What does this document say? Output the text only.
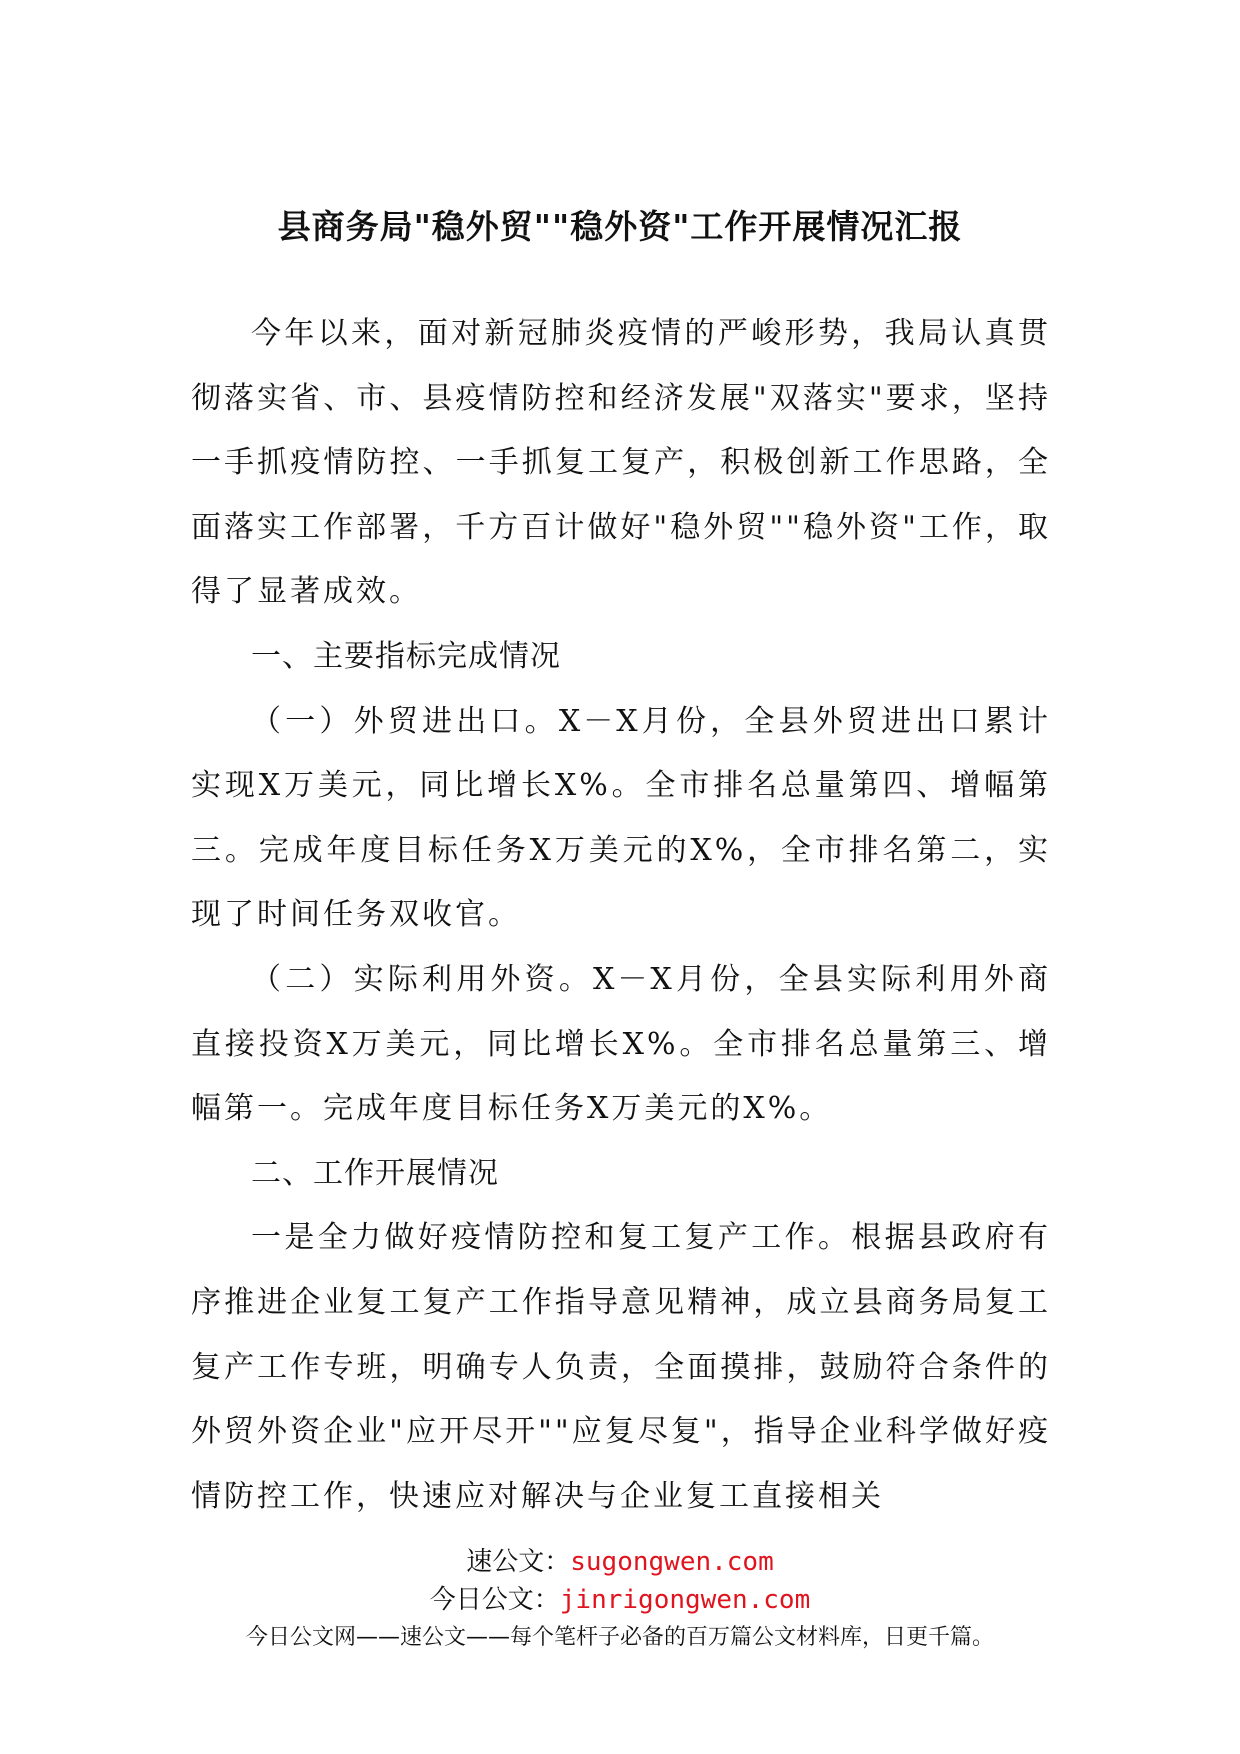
县商务局"稳外贸""稳外资"工作开展情况汇报

今年以来，面对新冠肺炎疫情的严峻形势，我局认真贯彻落实省、市、县疫情防控和经济发展"双落实"要求，坚持一手抓疫情防控、一手抓复工复产，积极创新工作思路，全面落实工作部署，千方百计做好"稳外贸""稳外资"工作，取得了显著成效。

一、主要指标完成情况

（一）外贸进出口。X－X月份，全县外贸进出口累计实现X万美元，同比增长X%。全市排名总量第四、增幅第三。完成年度目标任务X万美元的X%，全市排名第二，实现了时间任务双收官。

（二）实际利用外资。X－X月份，全县实际利用外商直接投资X万美元，同比增长X%。全市排名总量第三、增幅第一。完成年度目标任务X万美元的X%。

二、工作开展情况

一是全力做好疫情防控和复工复产工作。根据县政府有序推进企业复工复产工作指导意见精神，成立县商务局复工复产工作专班，明确专人负责，全面摸排，鼓励符合条件的外贸外资企业"应开尽开""应复尽复"，指导企业科学做好疫情防控工作，快速应对解决与企业复工直接相关

速公文：sugongwen.com
今日公文：jinrigongwen.com
今日公文网——速公文——每个笔杆子必备的百万篇公文材料库，日更千篇。
